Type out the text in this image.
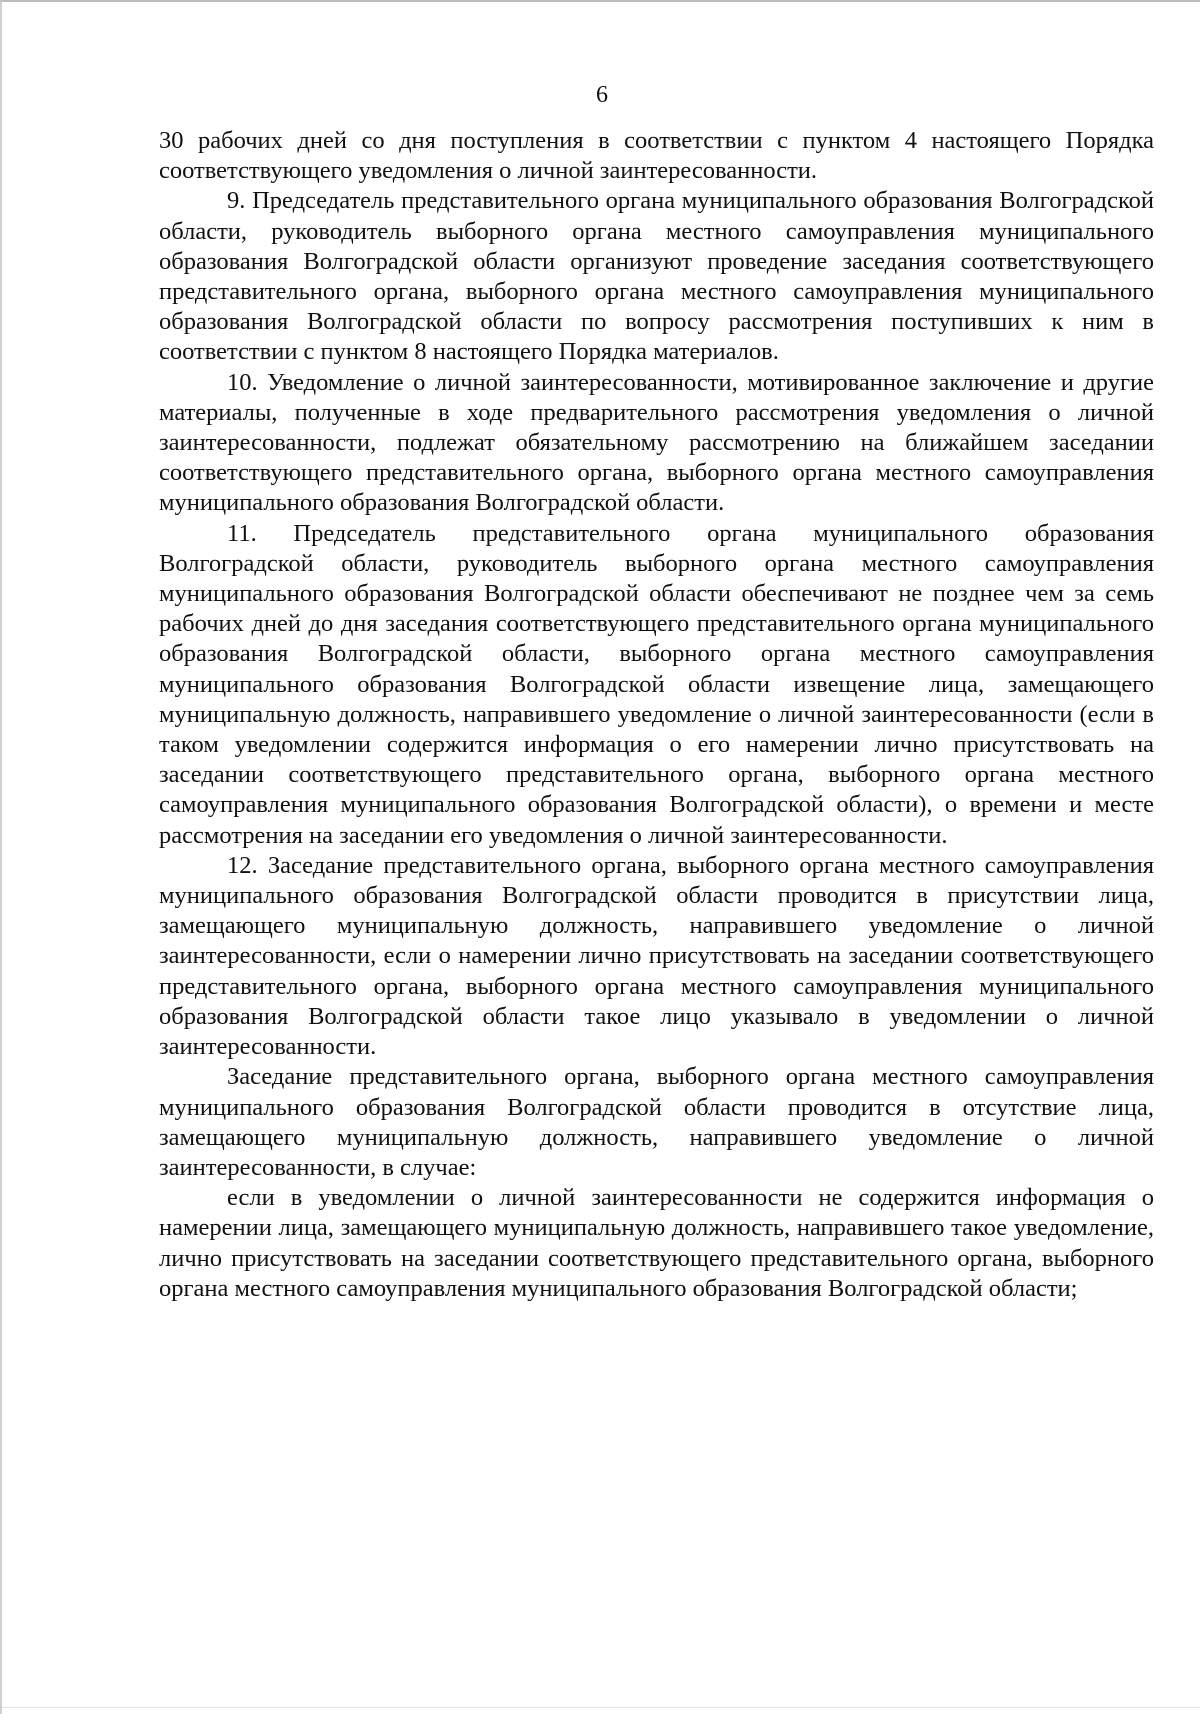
6

30 рабочих дней со дня поступления в соответствии с пунктом 4 настоящего Порядка соответствующего уведомления о личной заинтересованности.

9. Председатель представительного органа муниципального образования Волгоградской области, руководитель выборного органа местного самоуправления муниципального образования Волгоградской области организуют проведение заседания соответствующего представительного органа, выборного органа местного самоуправления муниципального образования Волгоградской области по вопросу рассмотрения поступивших к ним в соответствии с пунктом 8 настоящего Порядка материалов.

10. Уведомление о личной заинтересованности, мотивированное заключение и другие материалы, полученные в ходе предварительного рассмотрения уведомления о личной заинтересованности, подлежат обязательному рассмотрению на ближайшем заседании соответствующего представительного органа, выборного органа местного самоуправления муниципального образования Волгоградской области.

11. Председатель представительного органа муниципального образования Волгоградской области, руководитель выборного органа местного самоуправления муниципального образования Волгоградской области обеспечивают не позднее чем за семь рабочих дней до дня заседания соответствующего представительного органа муниципального образования Волгоградской области, выборного органа местного самоуправления муниципального образования Волгоградской области извещение лица, замещающего муниципальную должность, направившего уведомление о личной заинтересованности (если в таком уведомлении содержится информация о его намерении лично присутствовать на заседании соответствующего представительного органа, выборного органа местного самоуправления муниципального образования Волгоградской области), о времени и месте рассмотрения на заседании его уведомления о личной заинтересованности.

12. Заседание представительного органа, выборного органа местного самоуправления муниципального образования Волгоградской области проводится в присутствии лица, замещающего муниципальную должность, направившего уведомление о личной заинтересованности, если о намерении лично присутствовать на заседании соответствующего представительного органа, выборного органа местного самоуправления муниципального образования Волгоградской области такое лицо указывало в уведомлении о личной заинтересованности.

Заседание представительного органа, выборного органа местного самоуправления муниципального образования Волгоградской области проводится в отсутствие лица, замещающего муниципальную должность, направившего уведомление о личной заинтересованности, в случае:

если в уведомлении о личной заинтересованности не содержится информация о намерении лица, замещающего муниципальную должность, направившего такое уведомление, лично присутствовать на заседании соответствующего представительного органа, выборного органа местного самоуправления муниципального образования Волгоградской области;
